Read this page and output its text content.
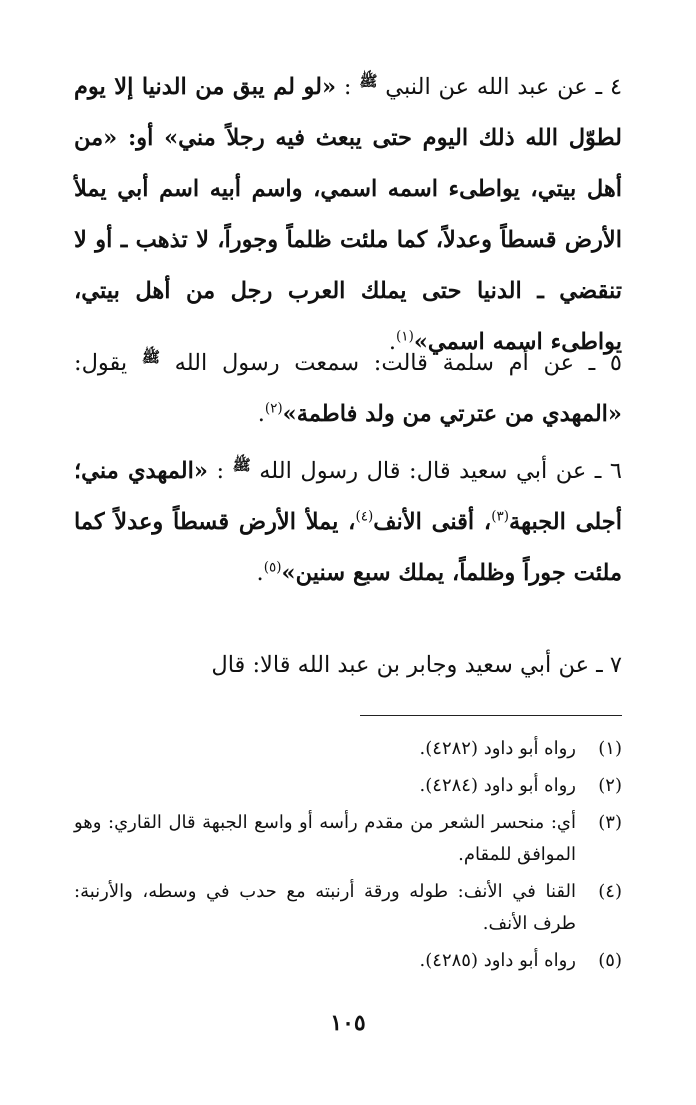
٤ ـ عن عبد الله عن النبي ﷺ : «لو لم يبق من الدنيا إلا يوم لطوّل الله ذلك اليوم حتى يبعث فيه رجلاً مني» أو: «من أهل بيتي، يواطىء اسمه اسمي، واسم أبيه اسم أبي يملأ الأرض قسطاً وعدلاً، كما ملئت ظلماً وجوراً، لا تذهب ـ أو لا تنقضي ـ الدنيا حتى يملك العرب رجل من أهل بيتي، يواطىء اسمه اسمي»$^{(١)}$.
٥ ـ عن أم سلمة قالت: سمعت رسول الله ﷺ يقول: «المهدي من عترتي من ولد فاطمة»$^{(٢)}$.
٦ ـ عن أبي سعيد قال: قال رسول الله ﷺ : «المهدي مني؛ أجلى الجبهة$^{(٣)}$، أقنى الأنف$^{(٤)}$، يملأ الأرض قسطاً وعدلاً كما ملئت جوراً وظلماً، يملك سبع سنين»$^{(٥)}$.
٧ ـ عن أبي سعيد وجابر بن عبد الله قالا: قال
(١)
رواه أبو داود (٤٢٨٢).
(٢)
رواه أبو داود (٤٢٨٤).
(٣)
أي: منحسر الشعر من مقدم رأسه أو واسع الجبهة قال القاري: وهو الموافق للمقام.
(٤)
القنا في الأنف: طوله ورقة أرنبته مع حدب في وسطه، والأرنبة: طرف الأنف.
(٥)
رواه أبو داود (٤٢٨٥).
١٠٥
